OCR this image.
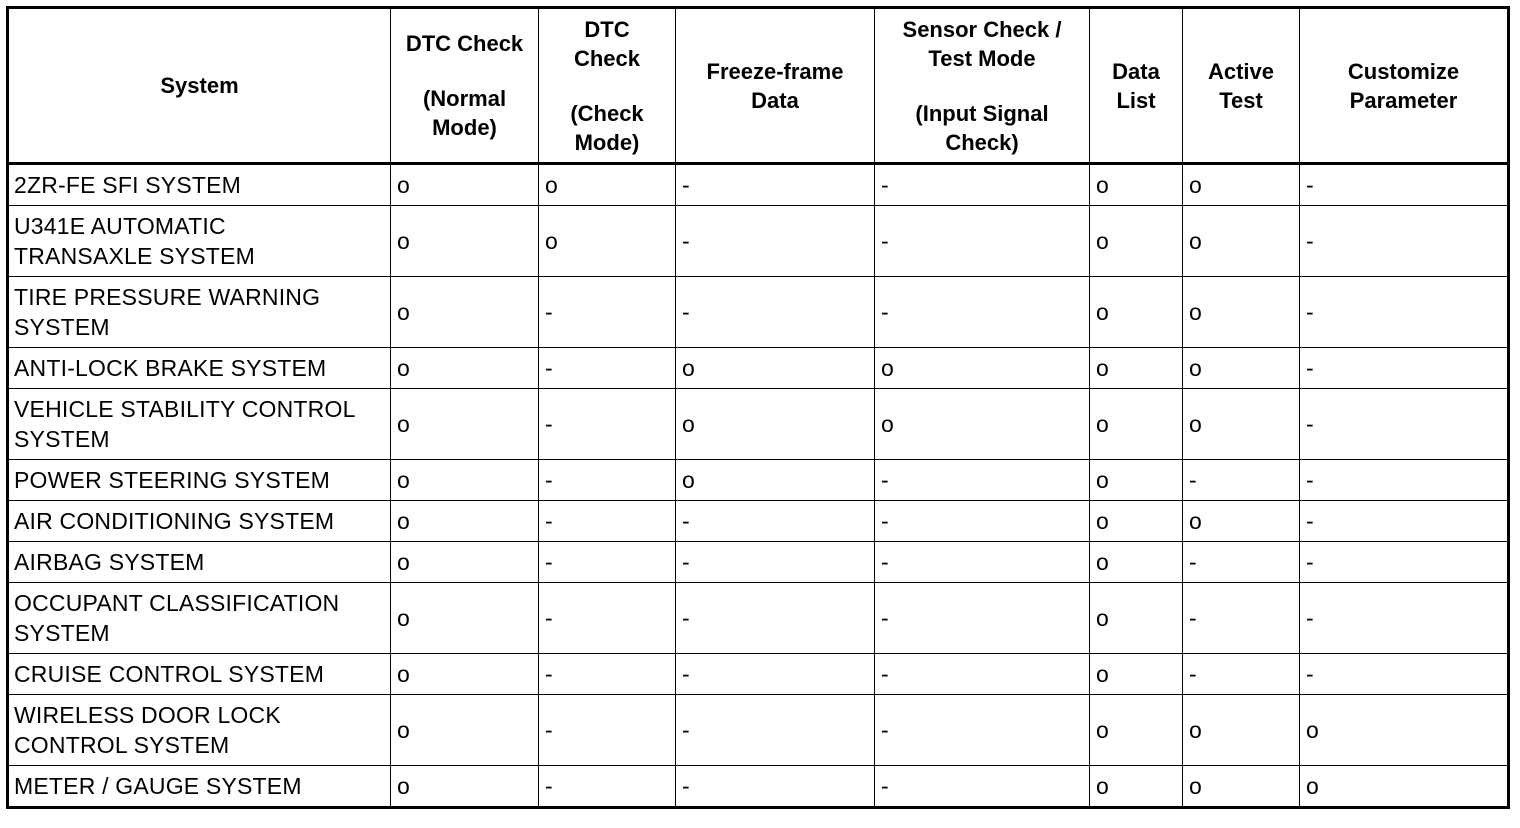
System	DTC Check
(Normal
Mode)	DTC
Check
(Check
Mode)	Freeze-frame
Data	Sensor Check /
Test Mode
(Input Signal
Check)	Data
List	Active
Test	Customize
Parameter

2ZR-FE SFI SYSTEM	o	o	-	-	o	o	-

U341E AUTOMATIC
TRANSAXLE SYSTEM	o	o	-	-	o	o	-

TIRE PRESSURE WARNING
SYSTEM	o	-	-	-	o	o	-

ANTI-LOCK BRAKE SYSTEM	o	-	o	o	o	o	-

VEHICLE STABILITY CONTROL
SYSTEM	o	-	o	o	o	o	-

POWER STEERING SYSTEM	o	-	o	-	o	-	-

AIR CONDITIONING SYSTEM	o	-	-	-	o	o	-

AIRBAG SYSTEM	o	-	-	-	o	-	-

OCCUPANT CLASSIFICATION
SYSTEM	o	-	-	-	o	-	-

CRUISE CONTROL SYSTEM	o	-	-	-	o	-	-

WIRELESS DOOR LOCK
CONTROL SYSTEM	o	-	-	-	o	o	o

METER / GAUGE SYSTEM	o	-	-	-	o	o	o
